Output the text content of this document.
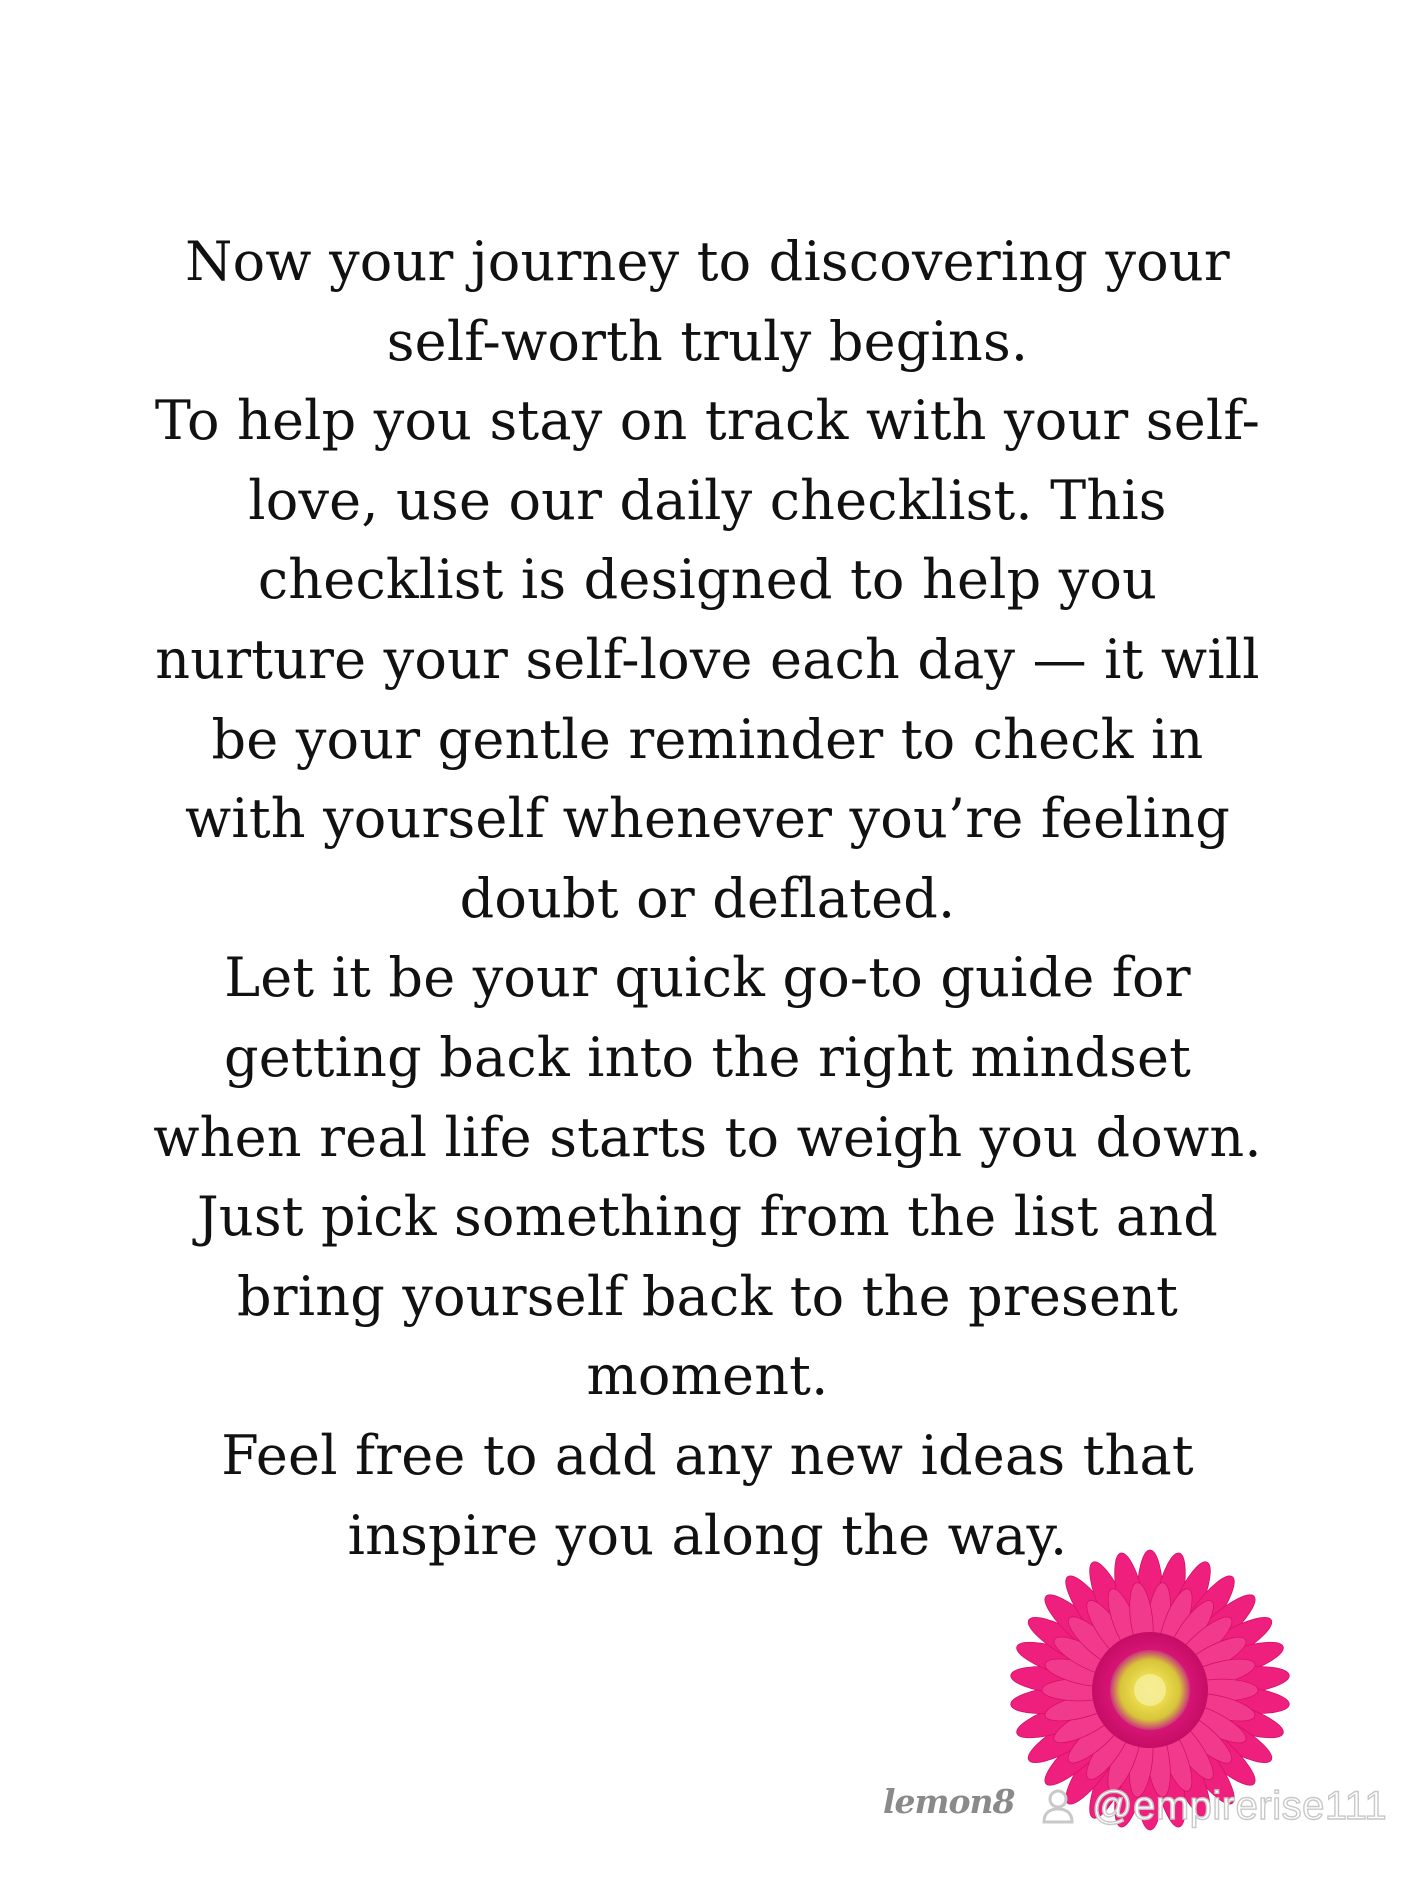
Now your journey to discovering your
self-worth truly begins.
To help you stay on track with your self-
love, use our daily checklist. This
checklist is designed to help you
nurture your self-love each day — it will
be your gentle reminder to check in
with yourself whenever you’re feeling
doubt or deflated.
Let it be your quick go-to guide for
getting back into the right mindset
when real life starts to weigh you down.
Just pick something from the list and
bring yourself back to the present
moment.
Feel free to add any new ideas that
inspire you along the way.

lemon8 @empirerise111
